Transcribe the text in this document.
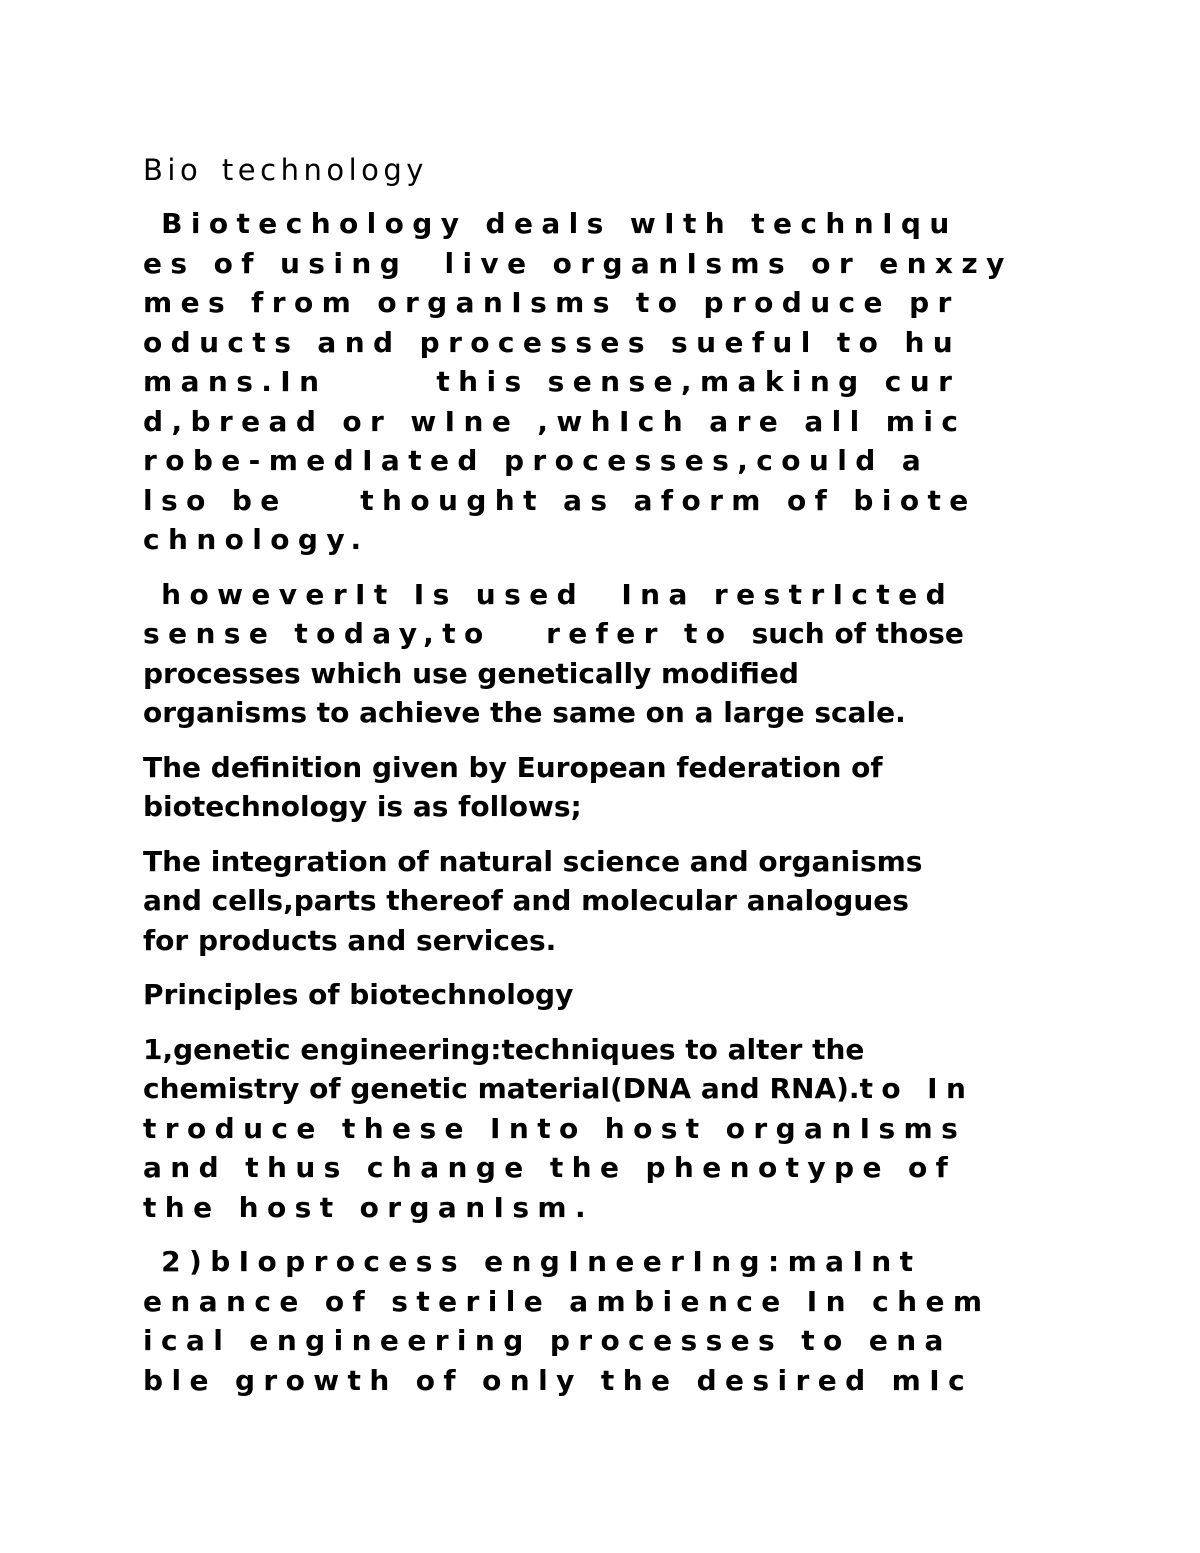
Bio technology
Biotechology deals wIth technIqu
es of using  live organIsms or enxzy
mes from organIsms to produce pr
oducts and processes sueful to hu
mans.In      this sense,making cur
d,bread or wIne ,whIch are all mic
robe-medIated processes,could a
lso be    thought as aform of biote
chnology.
howeverIt Is used  Ina restrIcted
sense today,to   refer to such of those
processes which use genetically modified
organisms to achieve the same on a large scale.
The definition given by European federation of
biotechnology is as follows;
The integration of natural science and organisms
and cells,parts thereof and molecular analogues
for products and services.
Principles of biotechnology
1,genetic engineering:techniques to alter the
chemistry of genetic material(DNA and RNA).to In
troduce these Into host organIsms
and thus change the phenotype of
the host organIsm.
2)bIoprocess engIneerIng:maInt
enance of sterile ambience In chem
ical engineering processes to ena
ble growth of only the desired mIc
